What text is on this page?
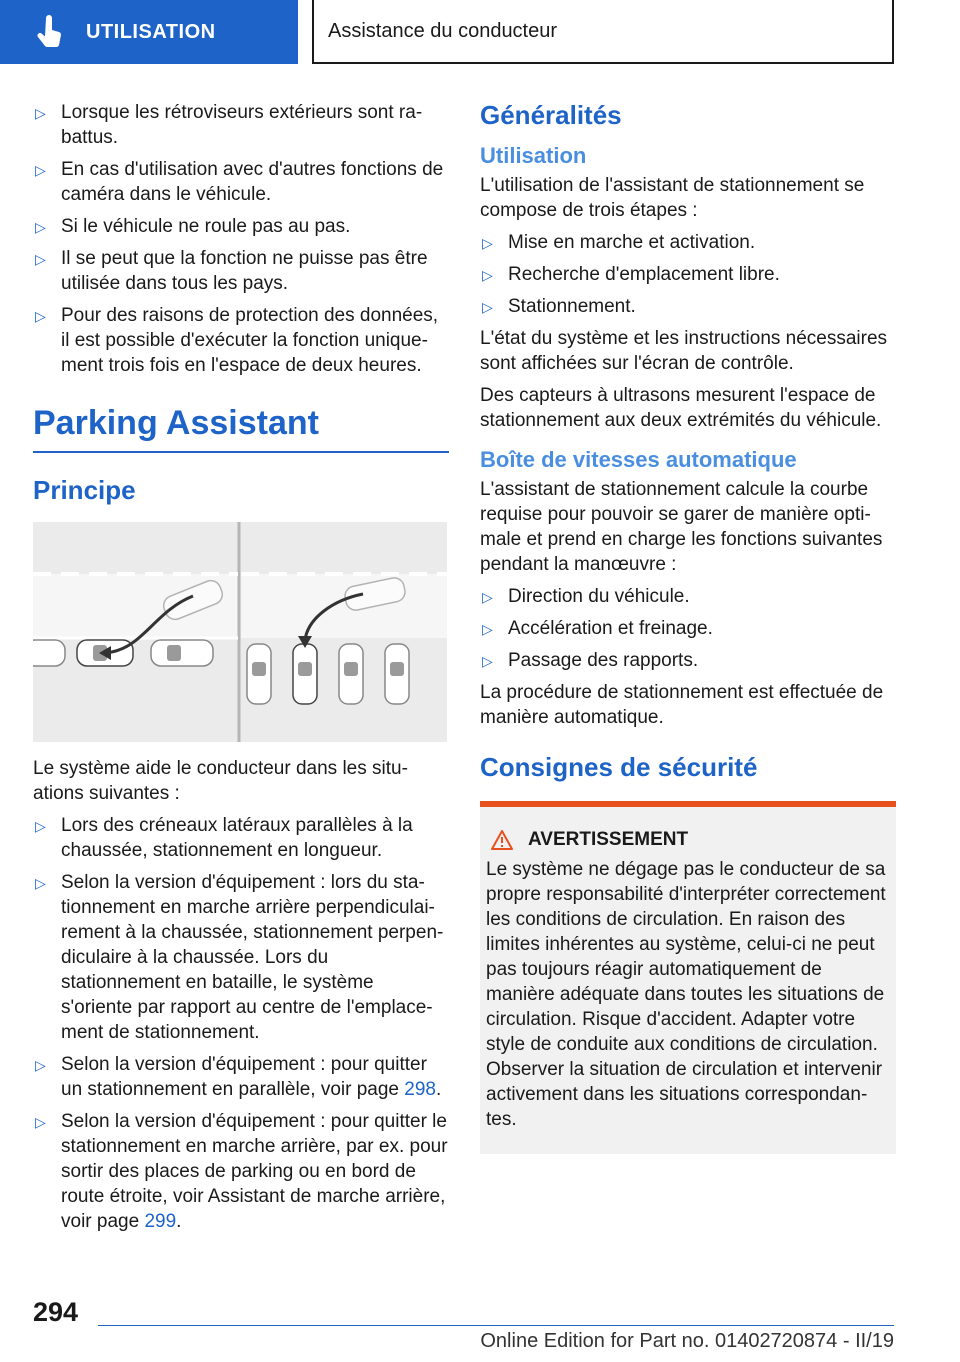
UTILISATION	Assistance du conducteur
▷ Lorsque les rétroviseurs extérieurs sont rabattus.
▷ En cas d'utilisation avec d'autres fonctions de caméra dans le véhicule.
▷ Si le véhicule ne roule pas au pas.
▷ Il se peut que la fonction ne puisse pas être utilisée dans tous les pays.
▷ Pour des raisons de protection des données, il est possible d'exécuter la fonction uniquement trois fois en l'espace de deux heures.
Parking Assistant
Principe

Le système aide le conducteur dans les situations suivantes :

▷ Lors des créneaux latéraux parallèles à la chaussée, stationnement en longueur.
▷ Selon la version d'équipement : lors du stationnement en marche arrière perpendiculairement à la chaussée, stationnement perpendiculaire à la chaussée. Lors du stationnement en bataille, le système s'oriente par rapport au centre de l'emplacement de stationnement.
▷ Selon la version d'équipement : pour quitter un stationnement en parallèle, voir page 298.
▷ Selon la version d'équipement : pour quitter le stationnement en marche arrière, par ex. pour sortir des places de parking ou en bord de route étroite, voir Assistant de marche arrière, voir page 299.
Généralités
Utilisation

L'utilisation de l'assistant de stationnement se compose de trois étapes :

▷ Mise en marche et activation.
▷ Recherche d'emplacement libre.
▷ Stationnement.

L'état du système et les instructions nécessaires sont affichées sur l'écran de contrôle.

Des capteurs à ultrasons mesurent l'espace de stationnement aux deux extrémités du véhicule.

Boîte de vitesses automatique

L'assistant de stationnement calcule la courbe requise pour pouvoir se garer de manière optimale et prend en charge les fonctions suivantes pendant la manœuvre :

▷ Direction du véhicule.
▷ Accélération et freinage.
▷ Passage des rapports.

La procédure de stationnement est effectuée de manière automatique.

Consignes de sécurité
AVERTISSEMENT

Le système ne dégage pas le conducteur de sa propre responsabilité d'interpréter correctement les conditions de circulation. En raison des limites inhérentes au système, celui-ci ne peut pas toujours réagir automatiquement de manière adéquate dans toutes les situations de circulation. Risque d'accident. Adapter votre style de conduite aux conditions de circulation. Observer la situation de circulation et intervenir activement dans les situations correspondantes.

294
Online Edition for Part no. 01402720874 - II/19
